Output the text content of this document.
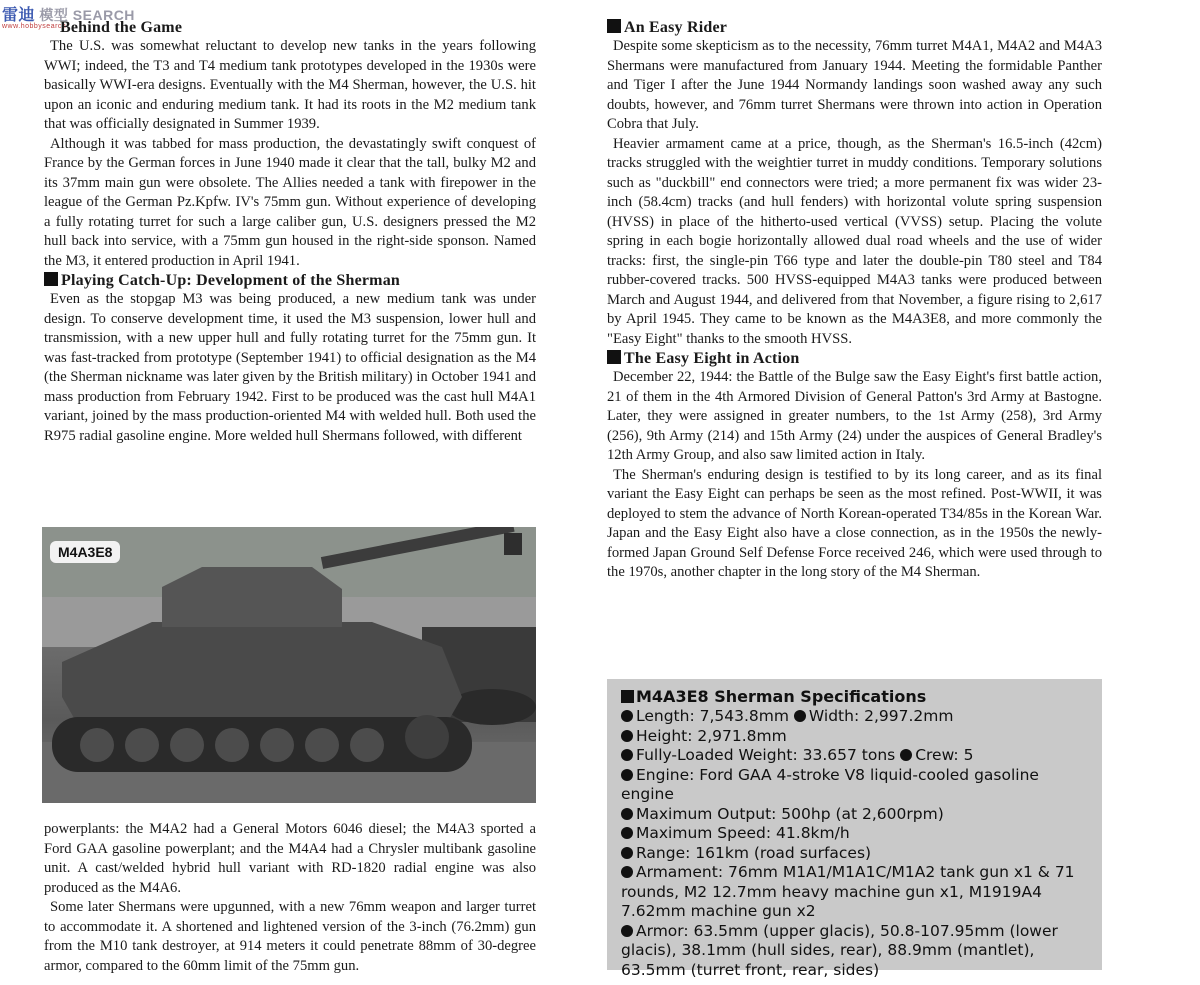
雷迪 模型 SEARCH
www.hobbysearch
Behind the Game

The U.S. was somewhat reluctant to develop new tanks in the years following WWI; indeed, the T3 and T4 medium tank prototypes developed in the 1930s were basically WWI-era designs. Eventually with the M4 Sherman, however, the U.S. hit upon an iconic and enduring medium tank. It had its roots in the M2 medium tank that was officially designated in Summer 1939.

Although it was tabbed for mass production, the devastatingly swift conquest of France by the German forces in June 1940 made it clear that the tall, bulky M2 and its 37mm main gun were obsolete. The Allies needed a tank with firepower in the league of the German Pz.Kpfw. IV's 75mm gun. Without experience of developing a fully rotating turret for such a large caliber gun, U.S. designers pressed the M2 hull back into service, with a 75mm gun housed in the right-side sponson. Named the M3, it entered production in April 1941.

Playing Catch-Up: Development of the Sherman

Even as the stopgap M3 was being produced, a new medium tank was under design. To conserve development time, it used the M3 suspension, lower hull and transmission, with a new upper hull and fully rotating turret for the 75mm gun. It was fast-tracked from prototype (September 1941) to official designation as the M4 (the Sherman nickname was later given by the British military) in October 1941 and mass production from February 1942. First to be produced was the cast hull M4A1 variant, joined by the mass production-oriented M4 with welded hull. Both used the R975 radial gasoline engine. More welded hull Shermans followed, with different

M4A3E8

powerplants: the M4A2 had a General Motors 6046 diesel; the M4A3 sported a Ford GAA gasoline powerplant; and the M4A4 had a Chrysler multibank gasoline unit. A cast/welded hybrid hull variant with RD-1820 radial engine was also produced as the M4A6.

Some later Shermans were upgunned, with a new 76mm weapon and larger turret to accommodate it. A shortened and lightened version of the 3-inch (76.2mm) gun from the M10 tank destroyer, at 914 meters it could penetrate 88mm of 30-degree armor, compared to the 60mm limit of the 75mm gun.

An Easy Rider

Despite some skepticism as to the necessity, 76mm turret M4A1, M4A2 and M4A3 Shermans were manufactured from January 1944. Meeting the formidable Panther and Tiger I after the June 1944 Normandy landings soon washed away any such doubts, however, and 76mm turret Shermans were thrown into action in Operation Cobra that July.

Heavier armament came at a price, though, as the Sherman's 16.5-inch (42cm) tracks struggled with the weightier turret in muddy conditions. Temporary solutions such as "duckbill" end connectors were tried; a more permanent fix was wider 23-inch (58.4cm) tracks (and hull fenders) with horizontal volute spring suspension (HVSS) in place of the hitherto-used vertical (VVSS) setup. Placing the volute spring in each bogie horizontally allowed dual road wheels and the use of wider tracks: first, the single-pin T66 type and later the double-pin T80 steel and T84 rubber-covered tracks. 500 HVSS-equipped M4A3 tanks were produced between March and August 1944, and delivered from that November, a figure rising to 2,617 by April 1945. They came to be known as the M4A3E8, and more commonly the "Easy Eight" thanks to the smooth HVSS.

The Easy Eight in Action

December 22, 1944: the Battle of the Bulge saw the Easy Eight's first battle action, 21 of them in the 4th Armored Division of General Patton's 3rd Army at Bastogne. Later, they were assigned in greater numbers, to the 1st Army (258), 3rd Army (256), 9th Army (214) and 15th Army (24) under the auspices of General Bradley's 12th Army Group, and also saw limited action in Italy.

The Sherman's enduring design is testified to by its long career, and as its final variant the Easy Eight can perhaps be seen as the most refined. Post-WWII, it was deployed to stem the advance of North Korean-operated T34/85s in the Korean War. Japan and the Easy Eight also have a close connection, as in the 1950s the newly-formed Japan Ground Self Defense Force received 246, which were used through to the 1970s, another chapter in the long story of the M4 Sherman.

M4A3E8 Sherman Specifications
Length: 7,543.8mm Width: 2,997.2mm
Height: 2,971.8mm
Fully-Loaded Weight: 33.657 tons Crew: 5
Engine: Ford GAA 4-stroke V8 liquid-cooled gasoline engine
Maximum Output: 500hp (at 2,600rpm)
Maximum Speed: 41.8km/h
Range: 161km (road surfaces)
Armament: 76mm M1A1/M1A1C/M1A2 tank gun x1 & 71 rounds, M2 12.7mm heavy machine gun x1, M1919A4 7.62mm machine gun x2
Armor: 63.5mm (upper glacis), 50.8-107.95mm (lower glacis), 38.1mm (hull sides, rear), 88.9mm (mantlet), 63.5mm (turret front, rear, sides)
